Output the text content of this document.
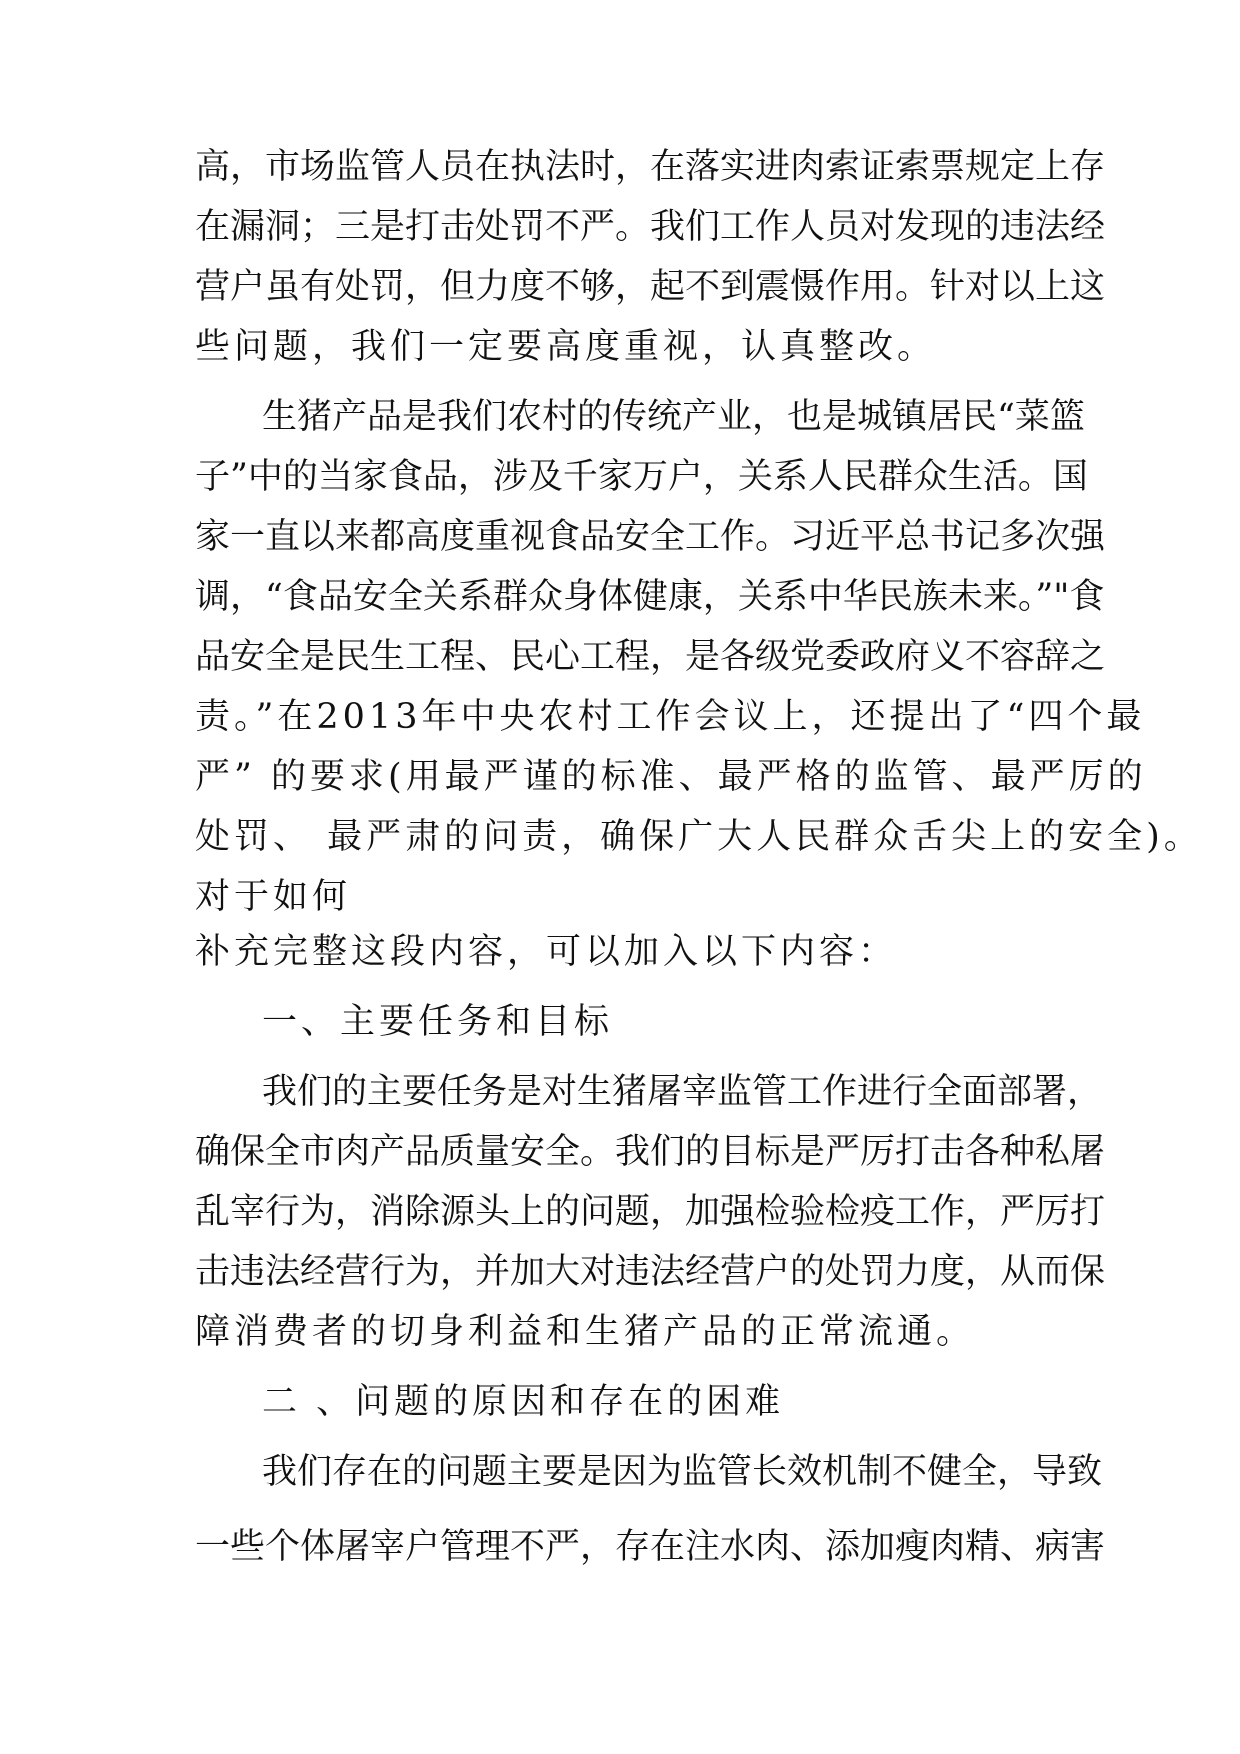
高，市场监管人员在执法时，在落实进肉索证索票规定上存
在漏洞；三是打击处罚不严。我们工作人员对发现的违法经
营户虽有处罚，但力度不够，起不到震慑作用。针对以上这
些问题，我们一定要高度重视，认真整改。
生猪产品是我们农村的传统产业，也是城镇居民“菜篮
子”中的当家食品，涉及千家万户，关系人民群众生活。国
家一直以来都高度重视食品安全工作。习近平总书记多次强
调，“食品安全关系群众身体健康，关系中华民族未来。”"食
品安全是民生工程、民心工程，是各级党委政府义不容辞之
责。”在2013年中央农村工作会议上，还提出了“四个最
严” 的要求(用最严谨的标准、最严格的监管、最严厉的
处罚、 最严肃的问责，确保广大人民群众舌尖上的安全)。
对于如何
补充完整这段内容，可以加入以下内容：
一、主要任务和目标
我们的主要任务是对生猪屠宰监管工作进行全面部署，
确保全市肉产品质量安全。我们的目标是严厉打击各种私屠
乱宰行为，消除源头上的问题，加强检验检疫工作，严厉打
击违法经营行为，并加大对违法经营户的处罚力度，从而保
障消费者的切身利益和生猪产品的正常流通。
二 、问题的原因和存在的困难
我们存在的问题主要是因为监管长效机制不健全，导致
一些个体屠宰户管理不严，存在注水肉、添加瘦肉精、病害
